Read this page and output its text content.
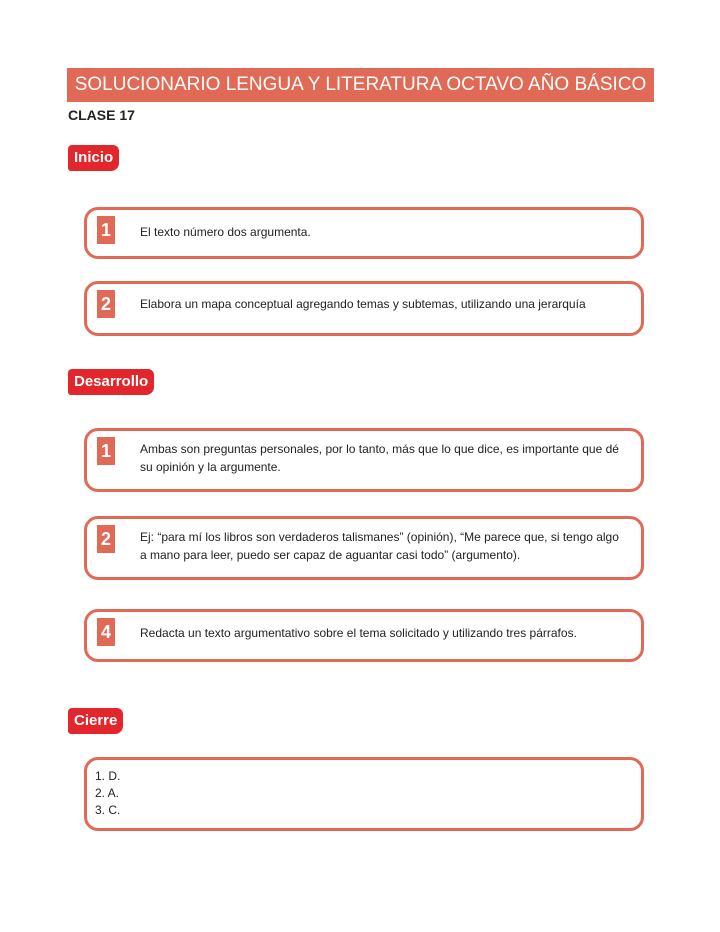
SOLUCIONARIO LENGUA Y LITERATURA OCTAVO AÑO BÁSICO
CLASE 17
Inicio
1	El texto número dos argumenta.
2	Elabora un mapa conceptual agregando temas y subtemas, utilizando una jerarquía
Desarrollo
1	Ambas son preguntas personales, por lo tanto, más que lo que dice, es importante que dé su opinión y la argumente.
2	Ej: “para mí los libros son verdaderos talismanes” (opinión), “Me parece que, si tengo algo a mano para leer, puedo ser capaz de aguantar casi todo” (argumento).
4	Redacta un texto argumentativo sobre el tema solicitado y utilizando tres párrafos.
Cierre
1. D.
2. A.
3. C.
